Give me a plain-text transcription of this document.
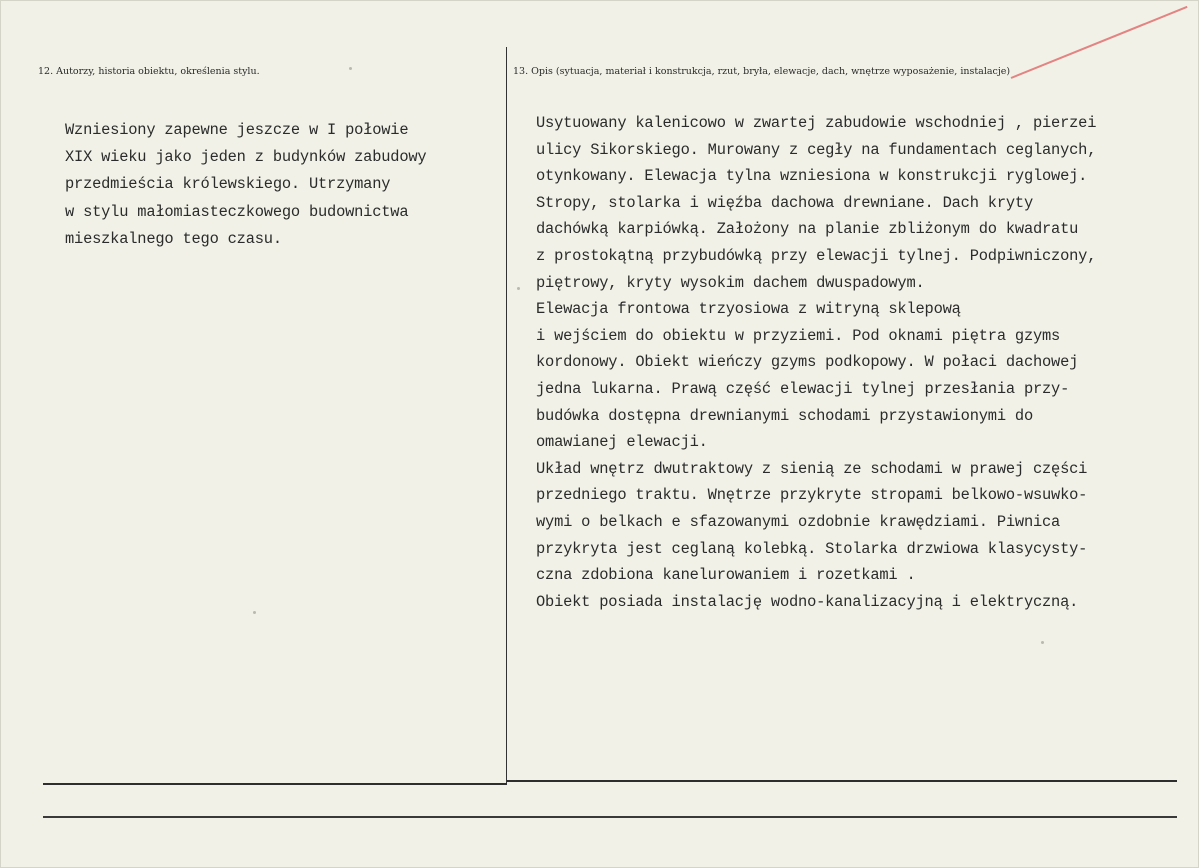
12. Autorzy, historia obiektu, określenia stylu.	13. Opis (sytuacja, materiał i konstrukcja, rzut, bryła, elewacje, dach, wnętrze wyposażenie, instalacje)
Wzniesiony zapewne jeszcze w I połowie
XIX wieku jako jeden z budynków zabudowy
przedmieścia królewskiego. Utrzymany
w stylu małomiasteczkowego budownictwa
mieszkalnego tego czasu.
Usytuowany kalenicowo w zwartej zabudowie wschodniej , pierzei
ulicy Sikorskiego. Murowany z cegły na fundamentach ceglanych,
otynkowany. Elewacja tylna wzniesiona w konstrukcji ryglowej.
Stropy, stolarka i więźba dachowa drewniane. Dach kryty
dachówką karpiówką. Założony na planie zbliżonym do kwadratu
z prostokątną przybudówką przy elewacji tylnej. Podpiwniczony,
piętrowy, kryty wysokim dachem dwuspadowym.
Elewacja frontowa trzyosiowa z witryną sklepową
i wejściem do obiektu w przyziemi. Pod oknami piętra gzyms
kordonowy. Obiekt wieńczy gzyms podkopowy. W połaci dachowej
jedna lukarna. Prawą część elewacji tylnej przesłania przy-
budówka dostępna drewnianymi schodami przystawionymi do
omawianej elewacji.
Układ wnętrz dwutraktowy z sienią ze schodami w prawej części
przedniego traktu. Wnętrze przykryte stropami belkowo-wsuwko-
wymi o belkach e sfazowanymi ozdobnie krawędziami. Piwnica
przykryta jest ceglaną kolebką. Stolarka drzwiowa klasycysty-
czna zdobiona kanelurowaniem i rozetkami .
Obiekt posiada instalację wodno-kanalizacyjną i elektryczną.
